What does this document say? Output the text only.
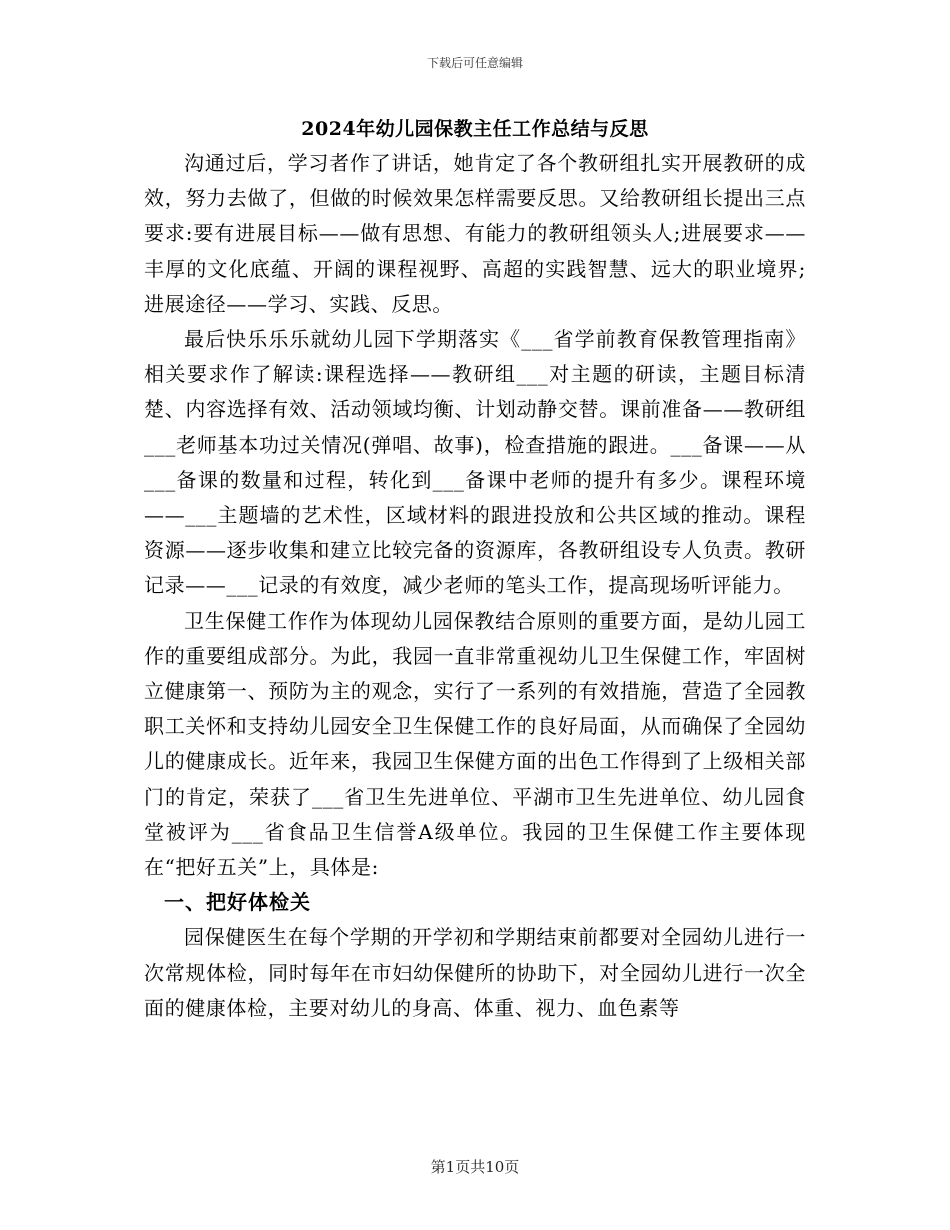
下载后可任意编辑
2024年幼儿园保教主任工作总结与反思

沟通过后，学习者作了讲话，她肯定了各个教研组扎实开展教研的成效，努力去做了，但做的时候效果怎样需要反思。又给教研组长提出三点要求:要有进展目标——做有思想、有能力的教研组领头人;进展要求——丰厚的文化底蕴、开阔的课程视野、高超的实践智慧、远大的职业境界;进展途径——学习、实践、反思。

最后快乐乐乐就幼儿园下学期落实《___省学前教育保教管理指南》相关要求作了解读:课程选择——教研组___对主题的研读，主题目标清楚、内容选择有效、活动领域均衡、计划动静交替。课前准备——教研组___老师基本功过关情况(弹唱、故事)，检查措施的跟进。___备课——从___备课的数量和过程，转化到___备课中老师的提升有多少。课程环境——___主题墙的艺术性，区域材料的跟进投放和公共区域的推动。课程资源——逐步收集和建立比较完备的资源库，各教研组设专人负责。教研记录——___记录的有效度，减少老师的笔头工作，提高现场听评能力。

卫生保健工作作为体现幼儿园保教结合原则的重要方面，是幼儿园工作的重要组成部分。为此，我园一直非常重视幼儿卫生保健工作，牢固树立健康第一、预防为主的观念，实行了一系列的有效措施，营造了全园教职工关怀和支持幼儿园安全卫生保健工作的良好局面，从而确保了全园幼儿的健康成长。近年来，我园卫生保健方面的出色工作得到了上级相关部门的肯定，荣获了___省卫生先进单位、平湖市卫生先进单位、幼儿园食堂被评为___省食品卫生信誉A级单位。我园的卫生保健工作主要体现在“把好五关”上，具体是:

一、把好体检关

园保健医生在每个学期的开学初和学期结束前都要对全园幼儿进行一次常规体检，同时每年在市妇幼保健所的协助下，对全园幼儿进行一次全面的健康体检，主要对幼儿的身高、体重、视力、血色素等

第1页共10页
